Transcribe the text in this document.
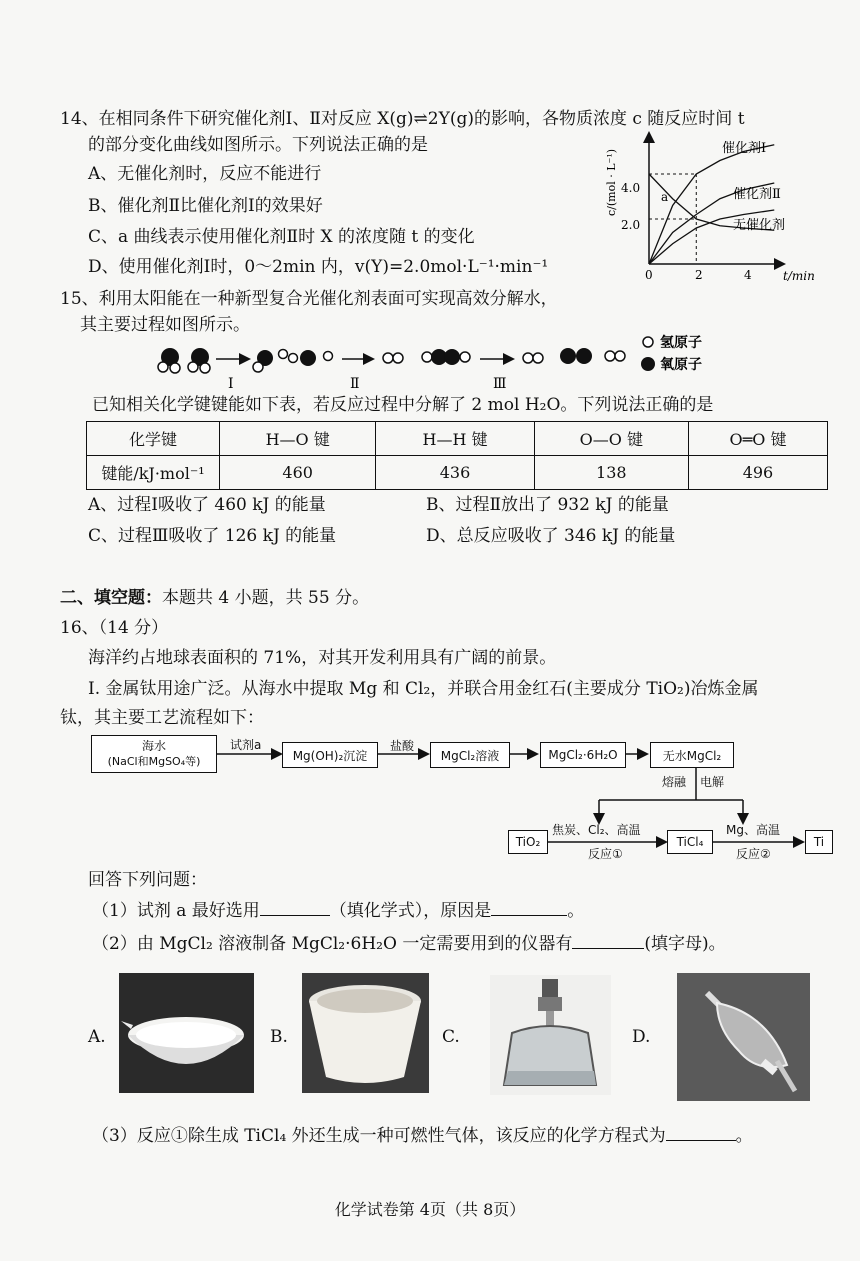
14、在相同条件下研究催化剂Ⅰ、Ⅱ对反应 X(g)⇌2Y(g)的影响，各物质浓度 c 随反应时间 t
的部分变化曲线如图所示。下列说法正确的是
A、无催化剂时，反应不能进行
B、催化剂Ⅱ比催化剂Ⅰ的效果好
C、a 曲线表示使用催化剂Ⅱ时 X 的浓度随 t 的变化
D、使用催化剂Ⅰ时，0～2min 内，v(Y)=2.0mol·L⁻¹·min⁻¹
c/(mol · L⁻¹)
t/min
4.0
2.0
0	2	4
a
催化剂Ⅰ
催化剂Ⅱ
无催化剂
15、利用太阳能在一种新型复合光催化剂表面可实现高效分解水，
其主要过程如图所示。
Ⅰ	Ⅱ	Ⅲ
氢原子
氧原子
已知相关化学键键能如下表，若反应过程中分解了 2 mol H₂O。下列说法正确的是
化学键	H—O 键	H—H 键	O—O 键	O═O 键
键能/kJ·mol⁻¹	460	436	138	496
A、过程Ⅰ吸收了 460 kJ 的能量	B、过程Ⅱ放出了 932 kJ 的能量
C、过程Ⅲ吸收了 126 kJ 的能量	D、总反应吸收了 346 kJ 的能量
二、填空题：本题共 4 小题，共 55 分。
16、（14 分）
海洋约占地球表面积的 71%，对其开发利用具有广阔的前景。
Ⅰ. 金属钛用途广泛。从海水中提取 Mg 和 Cl₂，并联合用金红石(主要成分 TiO₂)冶炼金属
钛，其主要工艺流程如下：
海水
(NaCl和MgSO₄等)
试剂a
Mg(OH)₂沉淀
盐酸
MgCl₂溶液	MgCl₂·6H₂O	无水MgCl₂
熔融 电解
TiO₂
焦炭、Cl₂、高温
反应①
TiCl₄
Mg、高温
反应②
Ti
回答下列问题：
（1）试剂 a 最好选用	（填化学式），原因是	。
（2）由 MgCl₂ 溶液制备 MgCl₂·6H₂O 一定需要用到的仪器有	(填字母)。
A.	B.	C.	D.
（3）反应①除生成 TiCl₄ 外还生成一种可燃性气体，该反应的化学方程式为	。
化学试卷第 4页（共 8页）
